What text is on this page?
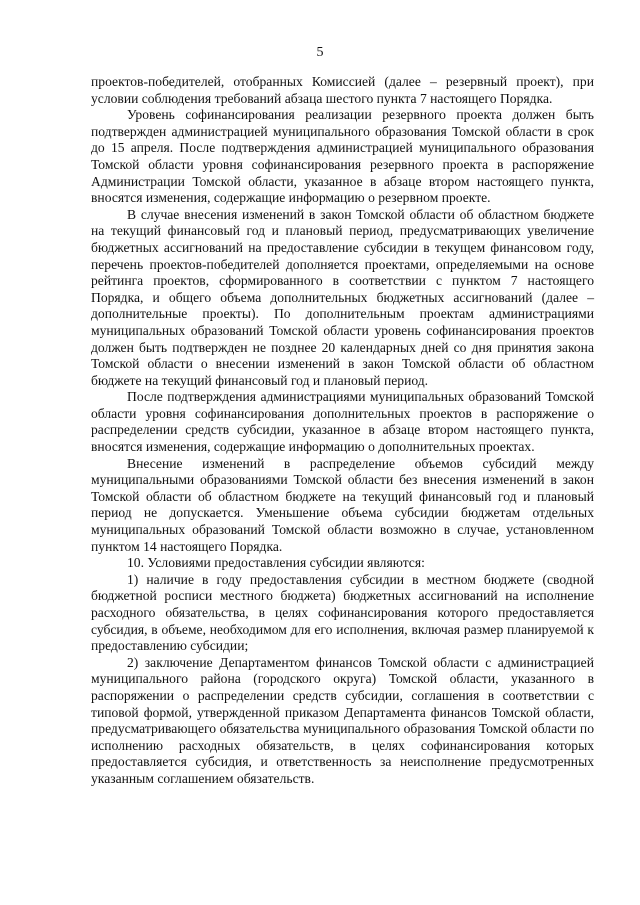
5

проектов-победителей, отобранных Комиссией (далее – резервный проект), при условии соблюдения требований абзаца шестого пункта 7 настоящего Порядка.

Уровень софинансирования реализации резервного проекта должен быть подтвержден администрацией муниципального образования Томской области в срок до 15 апреля. После подтверждения администрацией муниципального образования Томской области уровня софинансирования резервного проекта в распоряжение Администрации Томской области, указанное в абзаце втором настоящего пункта, вносятся изменения, содержащие информацию о резервном проекте.

В случае внесения изменений в закон Томской области об областном бюджете на текущий финансовый год и плановый период, предусматривающих увеличение бюджетных ассигнований на предоставление субсидии в текущем финансовом году, перечень проектов-победителей дополняется проектами, определяемыми на основе рейтинга проектов, сформированного в соответствии с пунктом 7 настоящего Порядка, и общего объема дополнительных бюджетных ассигнований (далее – дополнительные проекты). По дополнительным проектам администрациями муниципальных образований Томской области уровень софинансирования проектов должен быть подтвержден не позднее 20 календарных дней со дня принятия закона Томской области о внесении изменений в закон Томской области об областном бюджете на текущий финансовый год и плановый период.

После подтверждения администрациями муниципальных образований Томской области уровня софинансирования дополнительных проектов в распоряжение о распределении средств субсидии, указанное в абзаце втором настоящего пункта, вносятся изменения, содержащие информацию о дополнительных проектах.

Внесение изменений в распределение объемов субсидий между муниципальными образованиями Томской области без внесения изменений в закон Томской области об областном бюджете на текущий финансовый год и плановый период не допускается. Уменьшение объема субсидии бюджетам отдельных муниципальных образований Томской области возможно в случае, установленном пунктом 14 настоящего Порядка.

10. Условиями предоставления субсидии являются:

1) наличие в году предоставления субсидии в местном бюджете (сводной бюджетной росписи местного бюджета) бюджетных ассигнований на исполнение расходного обязательства, в целях софинансирования которого предоставляется субсидия, в объеме, необходимом для его исполнения, включая размер планируемой к предоставлению субсидии;

2) заключение Департаментом финансов Томской области с администрацией муниципального района (городского округа) Томской области, указанного в распоряжении о распределении средств субсидии, соглашения в соответствии с типовой формой, утвержденной приказом Департамента финансов Томской области, предусматривающего обязательства муниципального образования Томской области по исполнению расходных обязательств, в целях софинансирования которых предоставляется субсидия, и ответственность за неисполнение предусмотренных указанным соглашением обязательств.
